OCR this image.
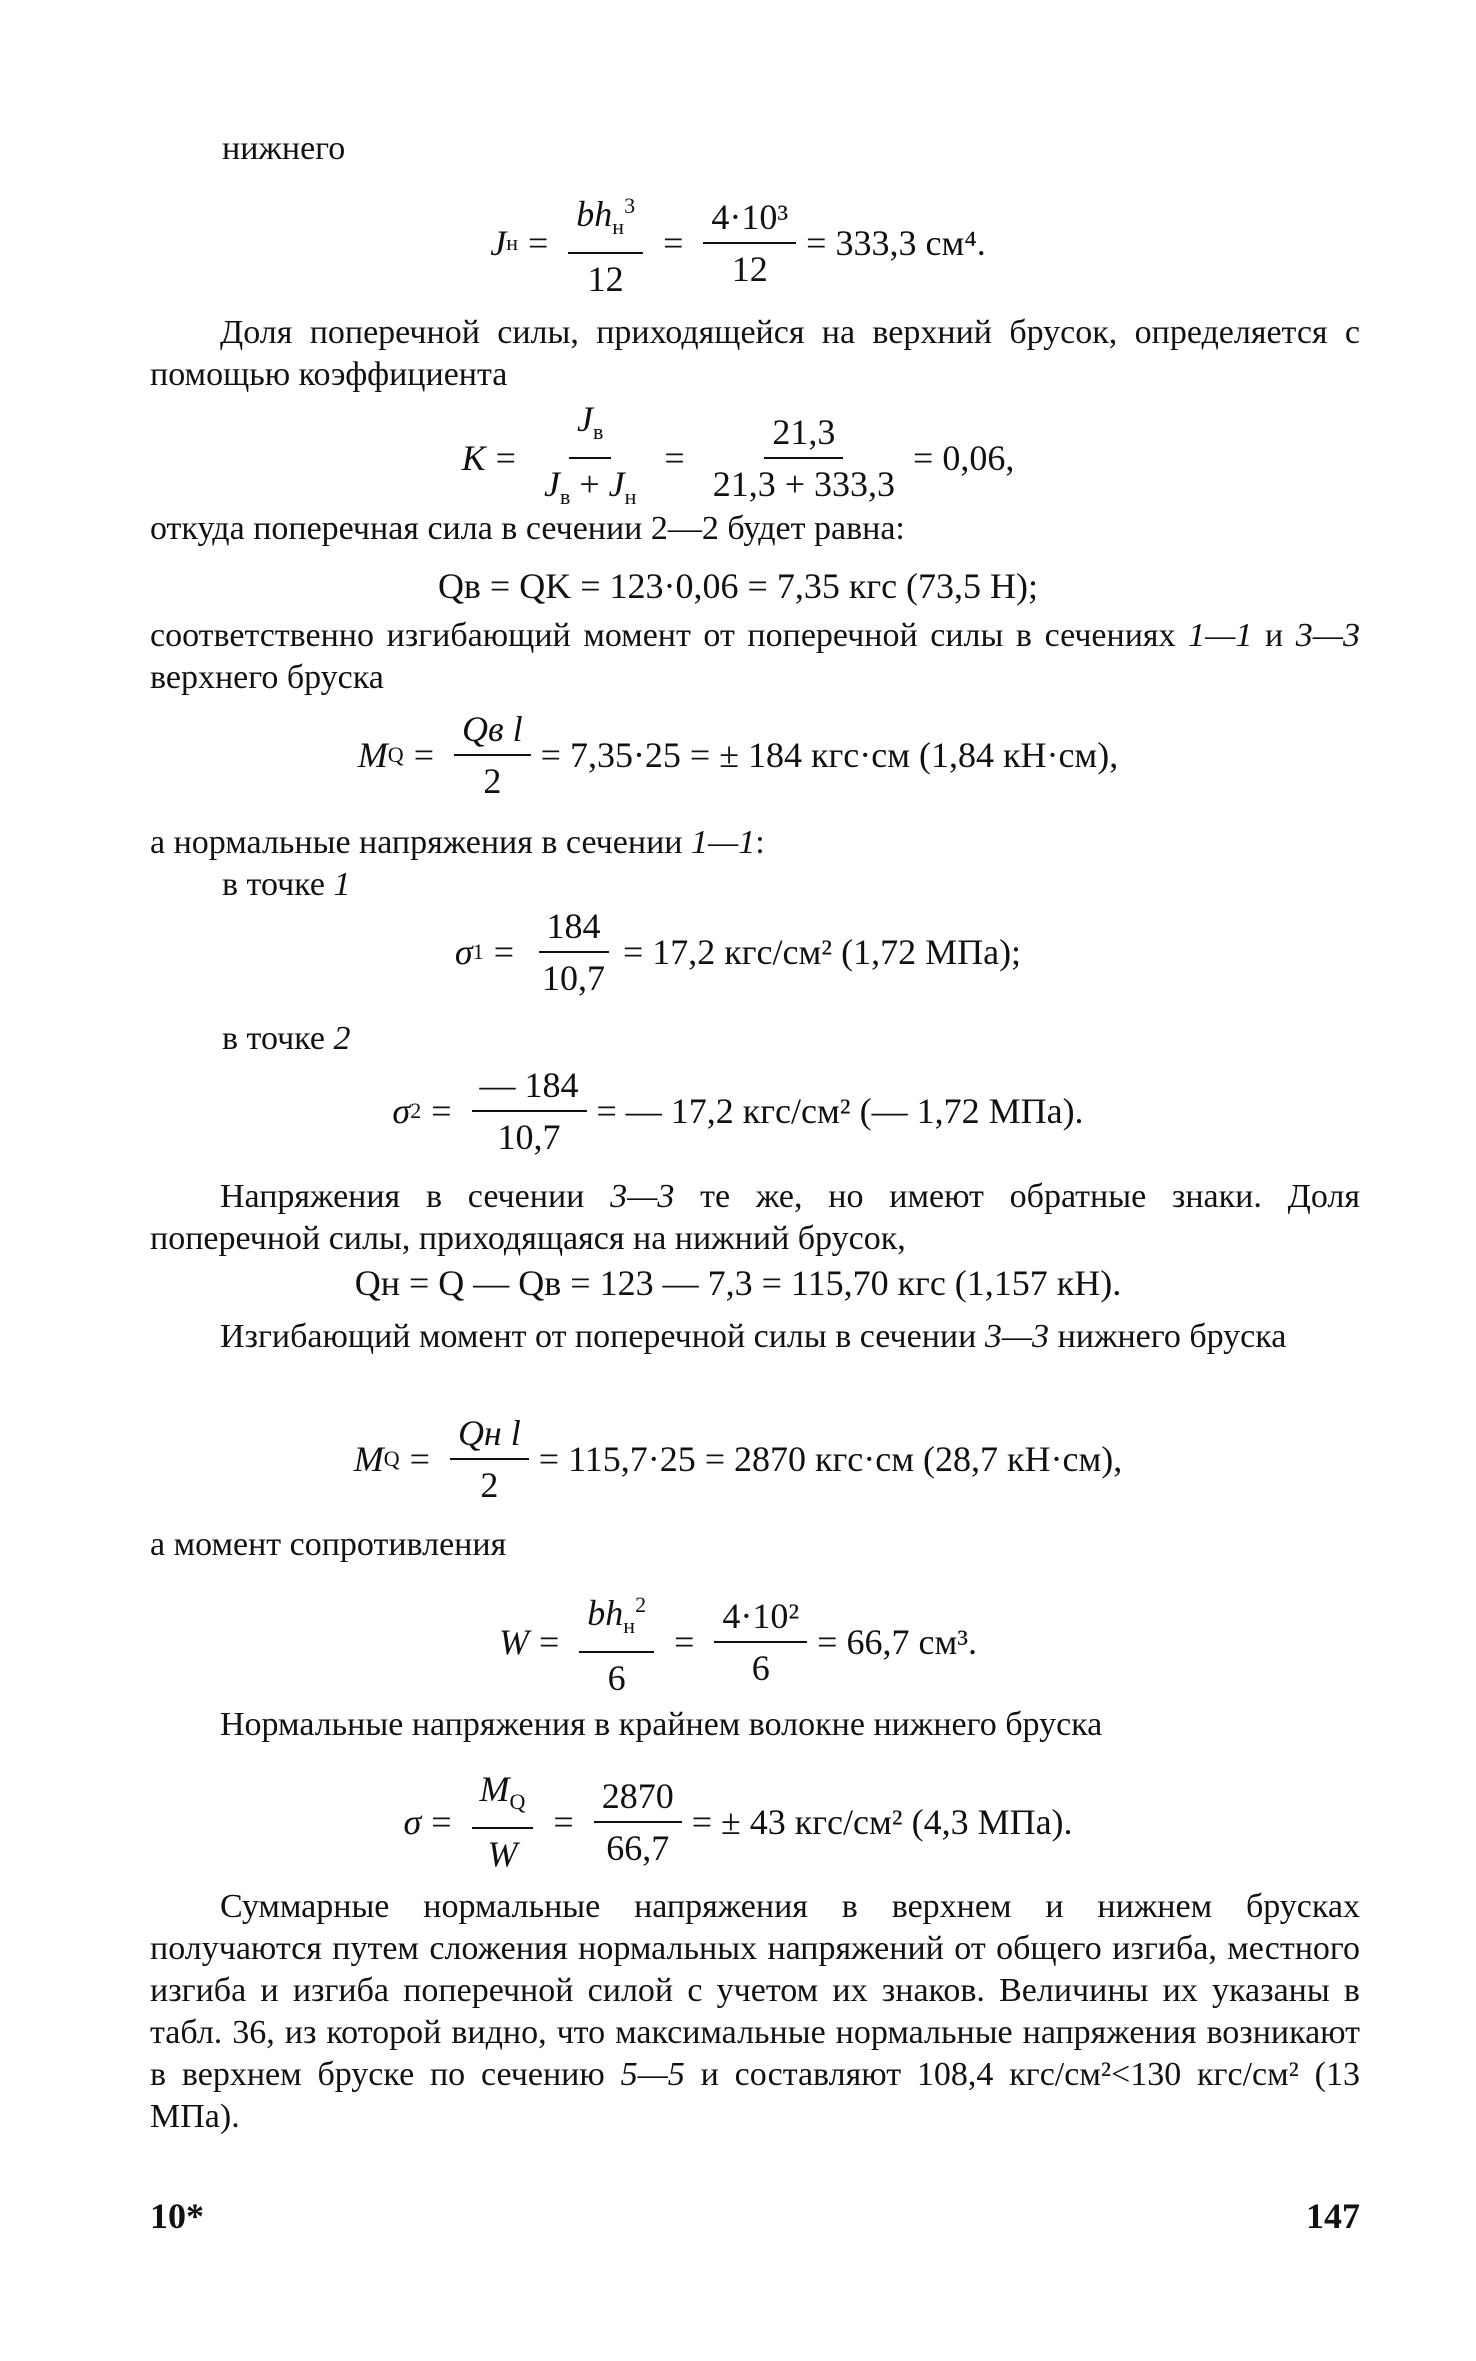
нижнего

J $н = \frac{bh_н^3}{12} = \frac{\text{4·10³}}{12} = 333,3$ см⁴.

Доля поперечной силы, приходящейся на верхний брусок, определяется с помощью коэффициента

$K = \frac{J_в}{J_в + J_н} = \frac{21,3}{21,3 + 333,3} = 0,06$,

откуда поперечная сила в сечении 2—2 будет равна:

Qв = QK = 123·0,06 = 7,35 кгс (73,5 Н);

соответственно изгибающий момент от поперечной силы в сечениях 1—1 и 3—3 верхнего бруска

M $Q = \frac{\text{Qв l}}{2} = 7,35\cdot 25$ = ± 184 кгс·см (1,84 кН·см),

а нормальные напряжения в сечении 1—1:

в точке 1

σ $1 = \frac{184}{10,7} = 17,2$ кгс/см² (1,72 МПа);

в точке 2

σ $2 = \frac{— 184}{10,7}$ = — 17,2 кгс/см² (— 1,72 МПа).

Напряжения в сечении 3—3 те же, но имеют обратные знаки. Доля поперечной силы, приходящаяся на нижний брусок,

Qн = Q — Qв = 123 — 7,3 = 115,70 кгс (1,157 кН).

Изгибающий момент от поперечной силы в сечении 3—3 нижнего бруска

M $Q = \frac{\text{Qн l}}{2} = 115,7\cdot 25 = 2870$ кгс·см (28,7 кН·см),

а момент сопротивления

$W = \frac{bh_н^2}{6} = \frac{\text{4·10²}}{6} = 66,7$ см³.

Нормальные напряжения в крайнем волокне нижнего бруска

$\sigma = \frac{M_Q}{W} = \frac{2870}{66,7}$ = ± 43 кгс/см² (4,3 МПа).

Суммарные нормальные напряжения в верхнем и нижнем брусках получаются путем сложения нормальных напряжений от общего изгиба, местного изгиба и изгиба поперечной силой с учетом их знаков. Величины их указаны в табл. 36, из которой видно, что максимальные нормальные напряжения возникают в верхнем бруске по сечению 5—5 и составляют 108,4 кгс/см²<130 кгс/см² (13 МПа).

10*	147
